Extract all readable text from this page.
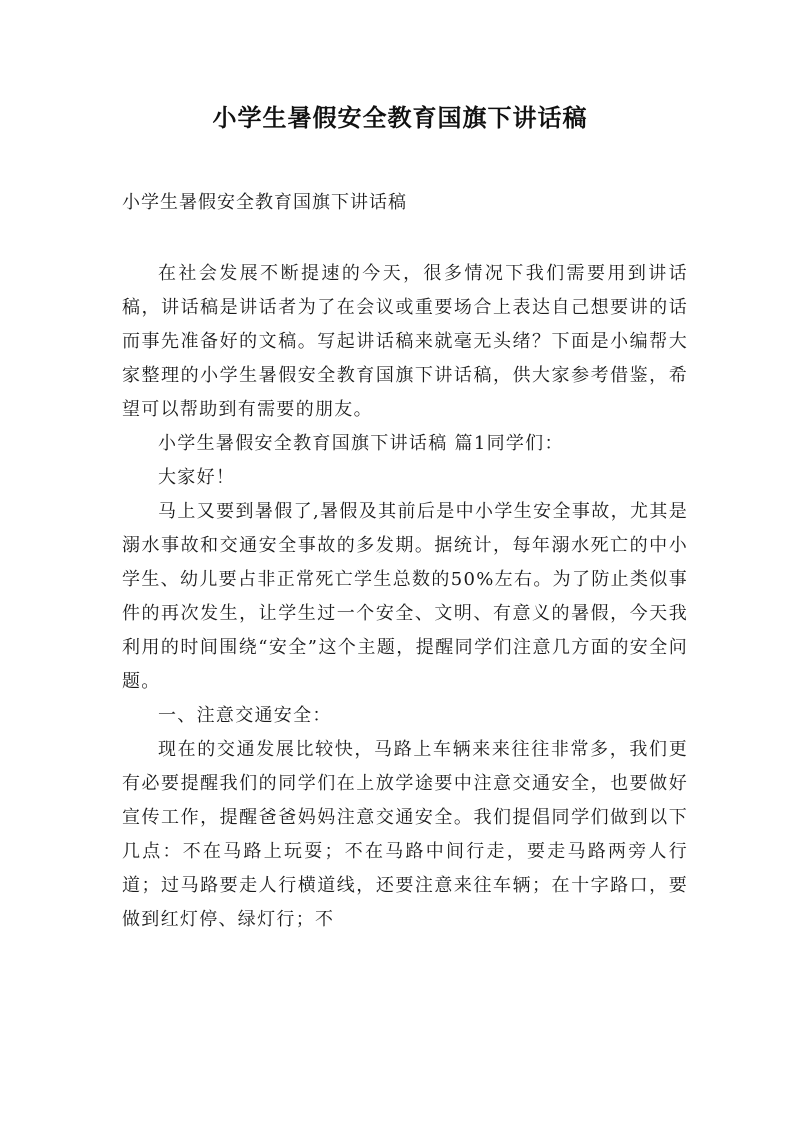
小学生暑假安全教育国旗下讲话稿
小学生暑假安全教育国旗下讲话稿

在社会发展不断提速的今天，很多情况下我们需要用到讲话稿，讲话稿是讲话者为了在会议或重要场合上表达自己想要讲的话而事先准备好的文稿。写起讲话稿来就毫无头绪？下面是小编帮大家整理的小学生暑假安全教育国旗下讲话稿，供大家参考借鉴，希望可以帮助到有需要的朋友。

小学生暑假安全教育国旗下讲话稿 篇1同学们：

大家好！

马上又要到暑假了,暑假及其前后是中小学生安全事故，尤其是溺水事故和交通安全事故的多发期。据统计，每年溺水死亡的中小学生、幼儿要占非正常死亡学生总数的50%左右。为了防止类似事件的再次发生，让学生过一个安全、文明、有意义的暑假，今天我利用的时间围绕“安全”这个主题，提醒同学们注意几方面的安全问题。

一、注意交通安全：

现在的交通发展比较快，马路上车辆来来往往非常多，我们更有必要提醒我们的同学们在上放学途要中注意交通安全，也要做好宣传工作，提醒爸爸妈妈注意交通安全。我们提倡同学们做到以下几点：不在马路上玩耍；不在马路中间行走，要走马路两旁人行道；过马路要走人行横道线，还要注意来往车辆；在十字路口，要做到红灯停、绿灯行；不
